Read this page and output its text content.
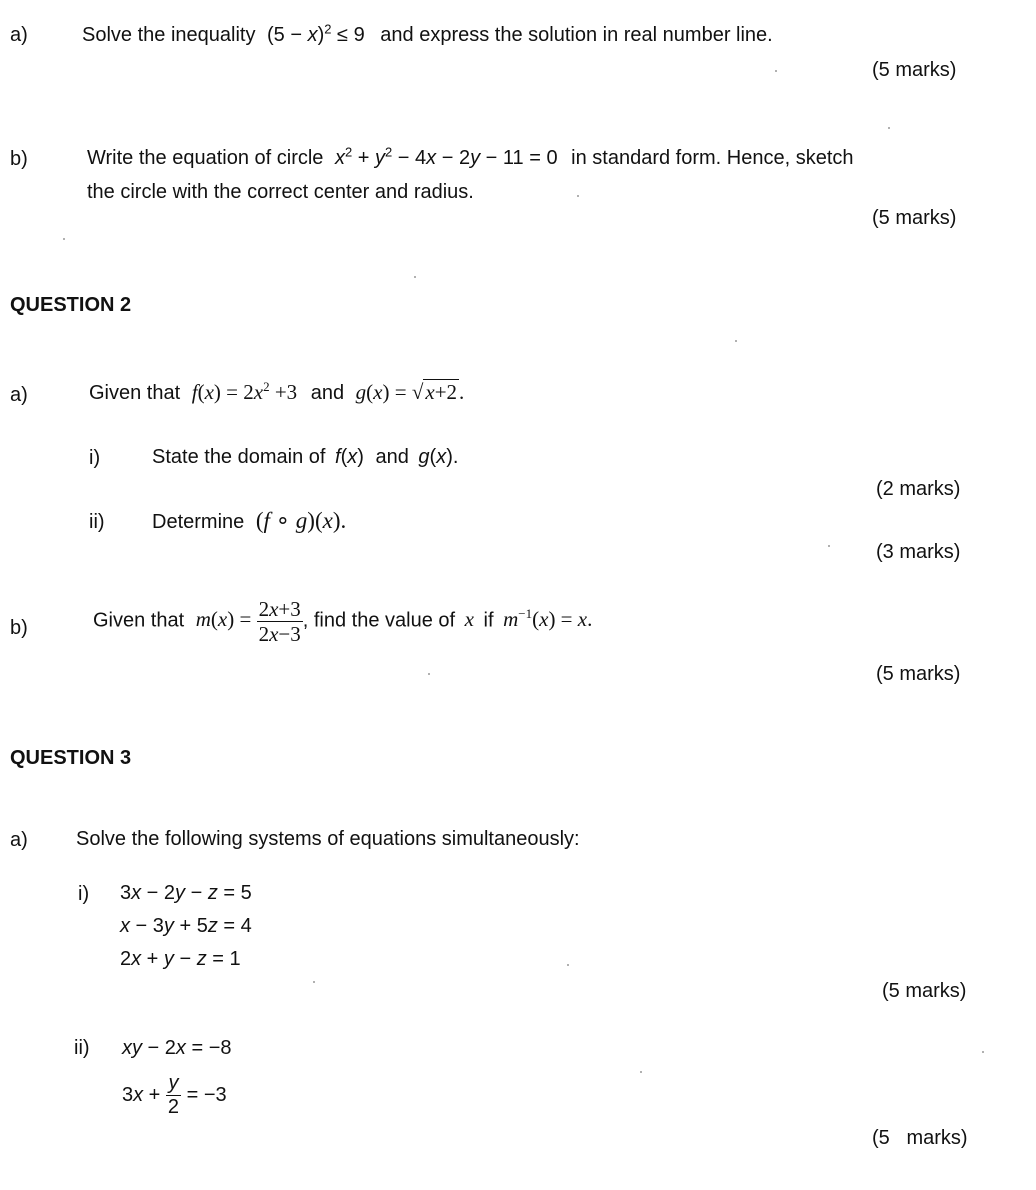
a)	Solve the inequality $(5 - x)^2 \le 9$ and express the solution in real number line.
(5 marks)
b)	Write the equation of circle $x^2 + y^2 - 4x - 2y - 11 = 0$ in standard form. Hence, sketch
the circle with the correct center and radius.
(5 marks)
QUESTION 2
a)	Given that $f(x) = 2x^2 +3$ and g(x) = √x+2.
i)	State the domain of f(x) and g(x).
(2 marks)
ii) Determine (f ∘ g)(x).
(3 marks)
b)	Given that $m(x) = \frac{2x+3}{2x-3}$ , find the value of x if $m^{-1}(x) = x$.
(5 marks)
QUESTION 3
a) Solve the following systems of equations simultaneously:
i) 3x − 2y − z = 5
x − 3y + 5z = 4
2x + y − z = 1
(5 marks)
ii) xy − 2x = −8
$3x + \frac{y}{2} = -3$
(5   marks)
